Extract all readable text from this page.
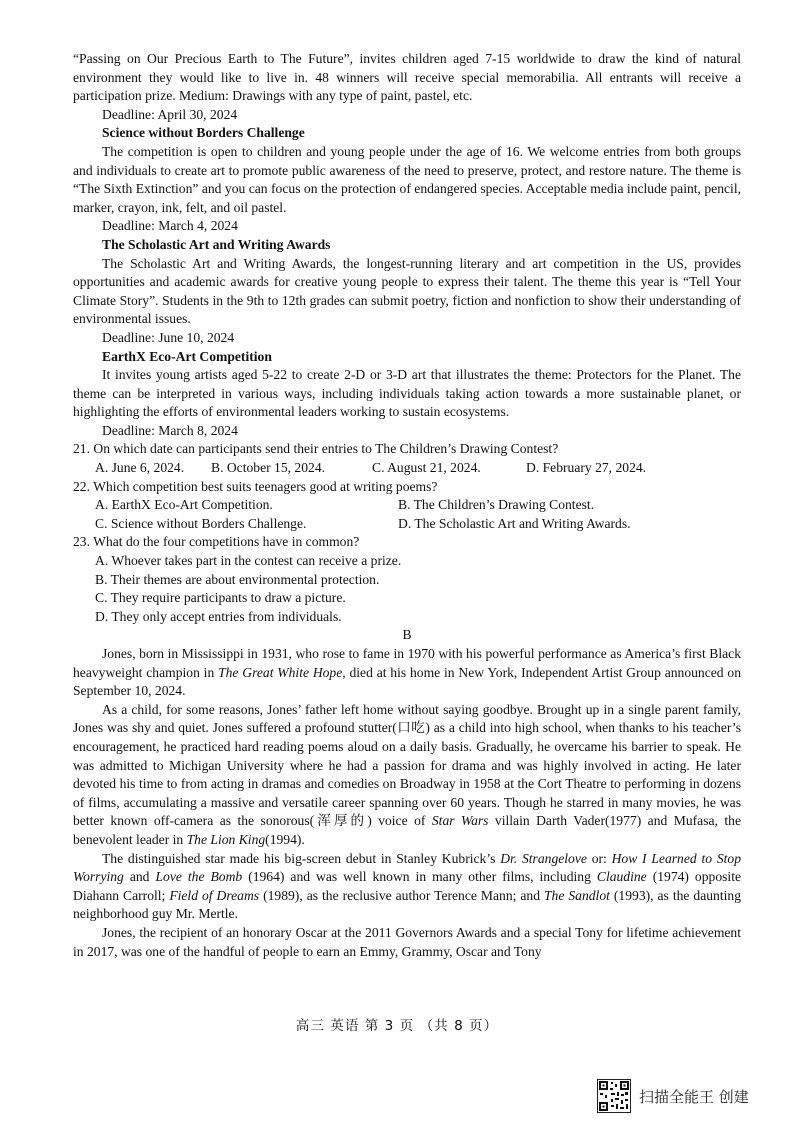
“Passing on Our Precious Earth to The Future”, invites children aged 7-15 worldwide to draw the kind of natural environment they would like to live in. 48 winners will receive special memorabilia. All entrants will receive a participation prize. Medium: Drawings with any type of paint, pastel, etc.

Deadline: April 30, 2024

Science without Borders Challenge

The competition is open to children and young people under the age of 16. We welcome entries from both groups and individuals to create art to promote public awareness of the need to preserve, protect, and restore nature. The theme is “The Sixth Extinction” and you can focus on the protection of endangered species. Acceptable media include paint, pencil, marker, crayon, ink, felt, and oil pastel.

Deadline: March 4, 2024

The Scholastic Art and Writing Awards

The Scholastic Art and Writing Awards, the longest-running literary and art competition in the US, provides opportunities and academic awards for creative young people to express their talent. The theme this year is “Tell Your Climate Story”. Students in the 9th to 12th grades can submit poetry, fiction and nonfiction to show their understanding of environmental issues.

Deadline: June 10, 2024

EarthX Eco-Art Competition

It invites young artists aged 5-22 to create 2-D or 3-D art that illustrates the theme: Protectors for the Planet. The theme can be interpreted in various ways, including individuals taking action towards a more sustainable planet, or highlighting the efforts of environmental leaders working to sustain ecosystems.

Deadline: March 8, 2024

21. On which date can participants send their entries to The Children’s Drawing Contest?

A. June 6, 2024.	B. October 15, 2024.	C. August 21, 2024.	D. February 27, 2024.

22. Which competition best suits teenagers good at writing poems?

A. EarthX Eco-Art Competition.	B. The Children’s Drawing Contest.
C. Science without Borders Challenge.	D. The Scholastic Art and Writing Awards.

23. What do the four competitions have in common?

A. Whoever takes part in the contest can receive a prize.
B. Their themes are about environmental protection.
C. They require participants to draw a picture.
D. They only accept entries from individuals.

B

Jones, born in Mississippi in 1931, who rose to fame in 1970 with his powerful performance as America’s first Black heavyweight champion in The Great White Hope, died at his home in New York, Independent Artist Group announced on September 10, 2024.

As a child, for some reasons, Jones’ father left home without saying goodbye. Brought up in a single parent family, Jones was shy and quiet. Jones suffered a profound stutter(口吃) as a child into high school, when thanks to his teacher’s encouragement, he practiced hard reading poems aloud on a daily basis. Gradually, he overcame his barrier to speak. He was admitted to Michigan University where he had a passion for drama and was highly involved in acting. He later devoted his time to from acting in dramas and comedies on Broadway in 1958 at the Cort Theatre to performing in dozens of films, accumulating a massive and versatile career spanning over 60 years. Though he starred in many movies, he was better known off-camera as the sonorous(浑厚的) voice of Star Wars villain Darth Vader(1977) and Mufasa, the benevolent leader in The Lion King(1994).

The distinguished star made his big-screen debut in Stanley Kubrick’s Dr. Strangelove or: How I Learned to Stop Worrying and Love the Bomb (1964) and was well known in many other films, including Claudine (1974) opposite Diahann Carroll; Field of Dreams (1989), as the reclusive author Terence Mann; and The Sandlot (1993), as the daunting neighborhood guy Mr. Mertle.

Jones, the recipient of an honorary Oscar at the 2011 Governors Awards and a special Tony for lifetime achievement in 2017, was one of the handful of people to earn an Emmy, Grammy, Oscar and Tony

高三 英语 第 3 页 （共 8 页）
扫描全能王 创建
